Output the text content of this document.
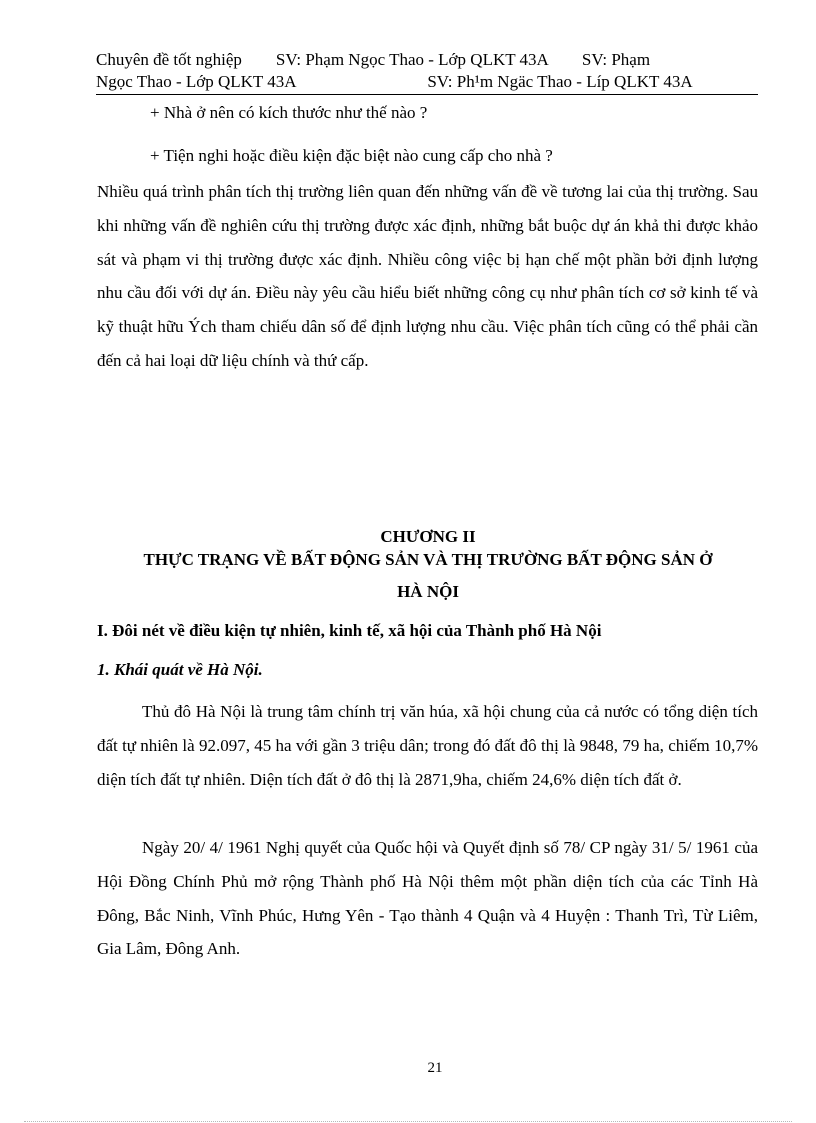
Chuyên đề tốt nghiệp        SV: Phạm Ngọc Thao - Lớp QLKT 43A        SV: Phạm
Ngọc Thao - Lớp QLKT 43A                               SV: Ph¹m Ngäc Thao - Líp QLKT 43A
+ Nhà ở nên có kích thước như thế nào ?
+ Tiện nghi hoặc điều kiện đặc biệt nào cung cấp cho nhà ?

Nhiều quá trình phân tích thị trường liên quan đến những vấn đề về tương lai của thị trường. Sau khi những vấn đề nghiên cứu thị trường được xác định, những bắt buộc dự án khả thi được khảo sát và phạm vi thị trường được xác định. Nhiều công việc bị hạn chế một phần bởi định lượng nhu cầu đối với dự án. Điều này yêu cầu hiểu biết những công cụ như phân tích cơ sở kinh tế và kỹ thuật hữu Ých tham chiếu dân số để định lượng nhu cầu. Việc phân tích cũng có thể phải cần đến cả hai loại dữ liệu chính và thứ cấp.

CHƯƠNG II
THỰC TRẠNG VỀ BẤT ĐỘNG SẢN VÀ THỊ TRƯỜNG BẤT ĐỘNG SẢN Ở
HÀ NỘI
I. Đôi nét về điều kiện tự nhiên, kinh tế, xã hội của Thành phố Hà Nội
1. Khái quát về Hà Nội.

Thủ đô Hà Nội là trung tâm chính trị văn húa, xã hội chung của cả nước có tổng diện tích đất tự nhiên là 92.097, 45 ha với gần 3 triệu dân; trong đó đất đô thị là 9848, 79 ha, chiếm 10,7% diện tích đất tự nhiên. Diện tích đất ở đô thị là 2871,9ha, chiếm 24,6% diện tích đất ở.

Ngày 20/ 4/ 1961 Nghị quyết của Quốc hội và Quyết định số 78/ CP ngày 31/ 5/ 1961 của Hội Đồng Chính Phủ mở rộng Thành phố Hà Nội thêm một phần diện tích của các Tỉnh Hà Đông, Bắc Ninh, Vĩnh Phúc, Hưng Yên - Tạo thành 4 Quận và 4 Huyện : Thanh Trì, Từ Liêm, Gia Lâm, Đông Anh.

21
